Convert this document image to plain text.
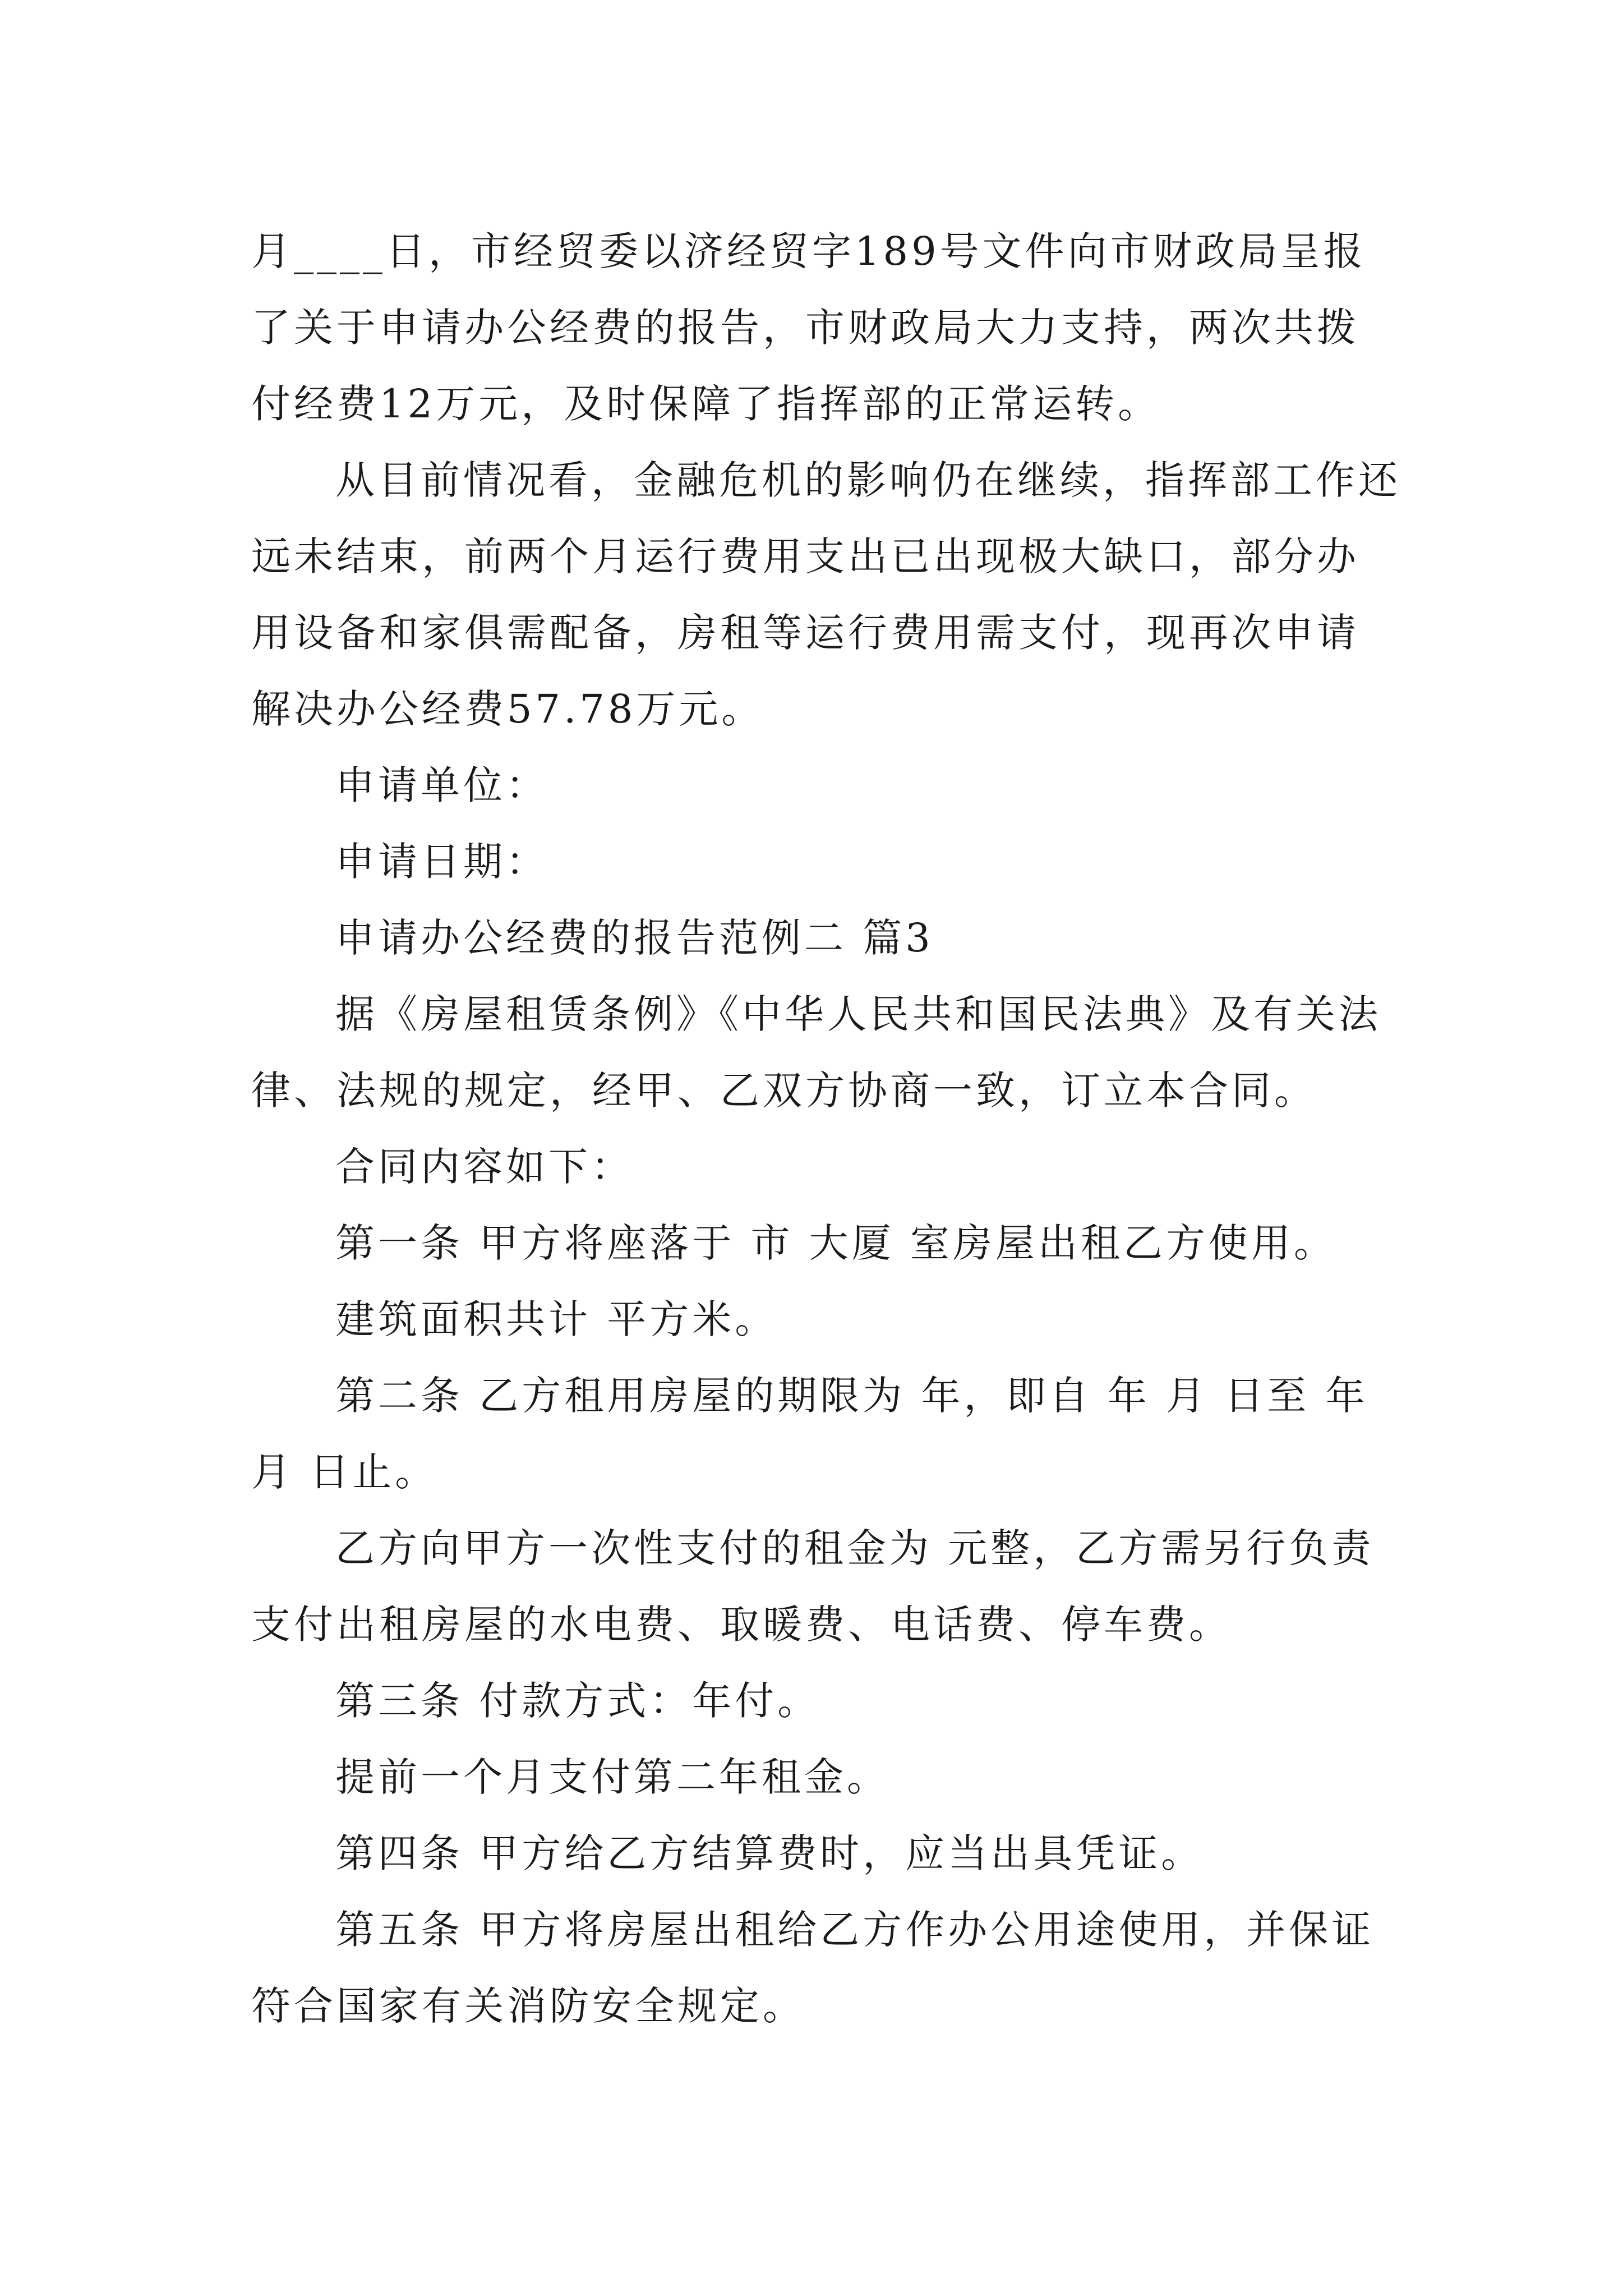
月____日，市经贸委以济经贸字189号文件向市财政局呈报了关于申请办公经费的报告，市财政局大力支持，两次共拨付经费12万元，及时保障了指挥部的正常运转。

从目前情况看，金融危机的影响仍在继续，指挥部工作还远未结束，前两个月运行费用支出已出现极大缺口，部分办用设备和家俱需配备，房租等运行费用需支付，现再次申请解决办公经费57.78万元。

申请单位：

申请日期：

申请办公经费的报告范例二 篇3

据《房屋租赁条例》《中华人民共和国民法典》及有关法律、法规的规定，经甲、乙双方协商一致，订立本合同。

合同内容如下：

第一条 甲方将座落于 市 大厦 室房屋出租乙方使用。

建筑面积共计 平方米。

第二条 乙方租用房屋的期限为 年，即自 年 月 日至 年 月 日止。

乙方向甲方一次性支付的租金为 元整，乙方需另行负责支付出租房屋的水电费、取暖费、电话费、停车费。

第三条 付款方式：年付。

提前一个月支付第二年租金。

第四条 甲方给乙方结算费时，应当出具凭证。

第五条 甲方将房屋出租给乙方作办公用途使用，并保证符合国家有关消防安全规定。
